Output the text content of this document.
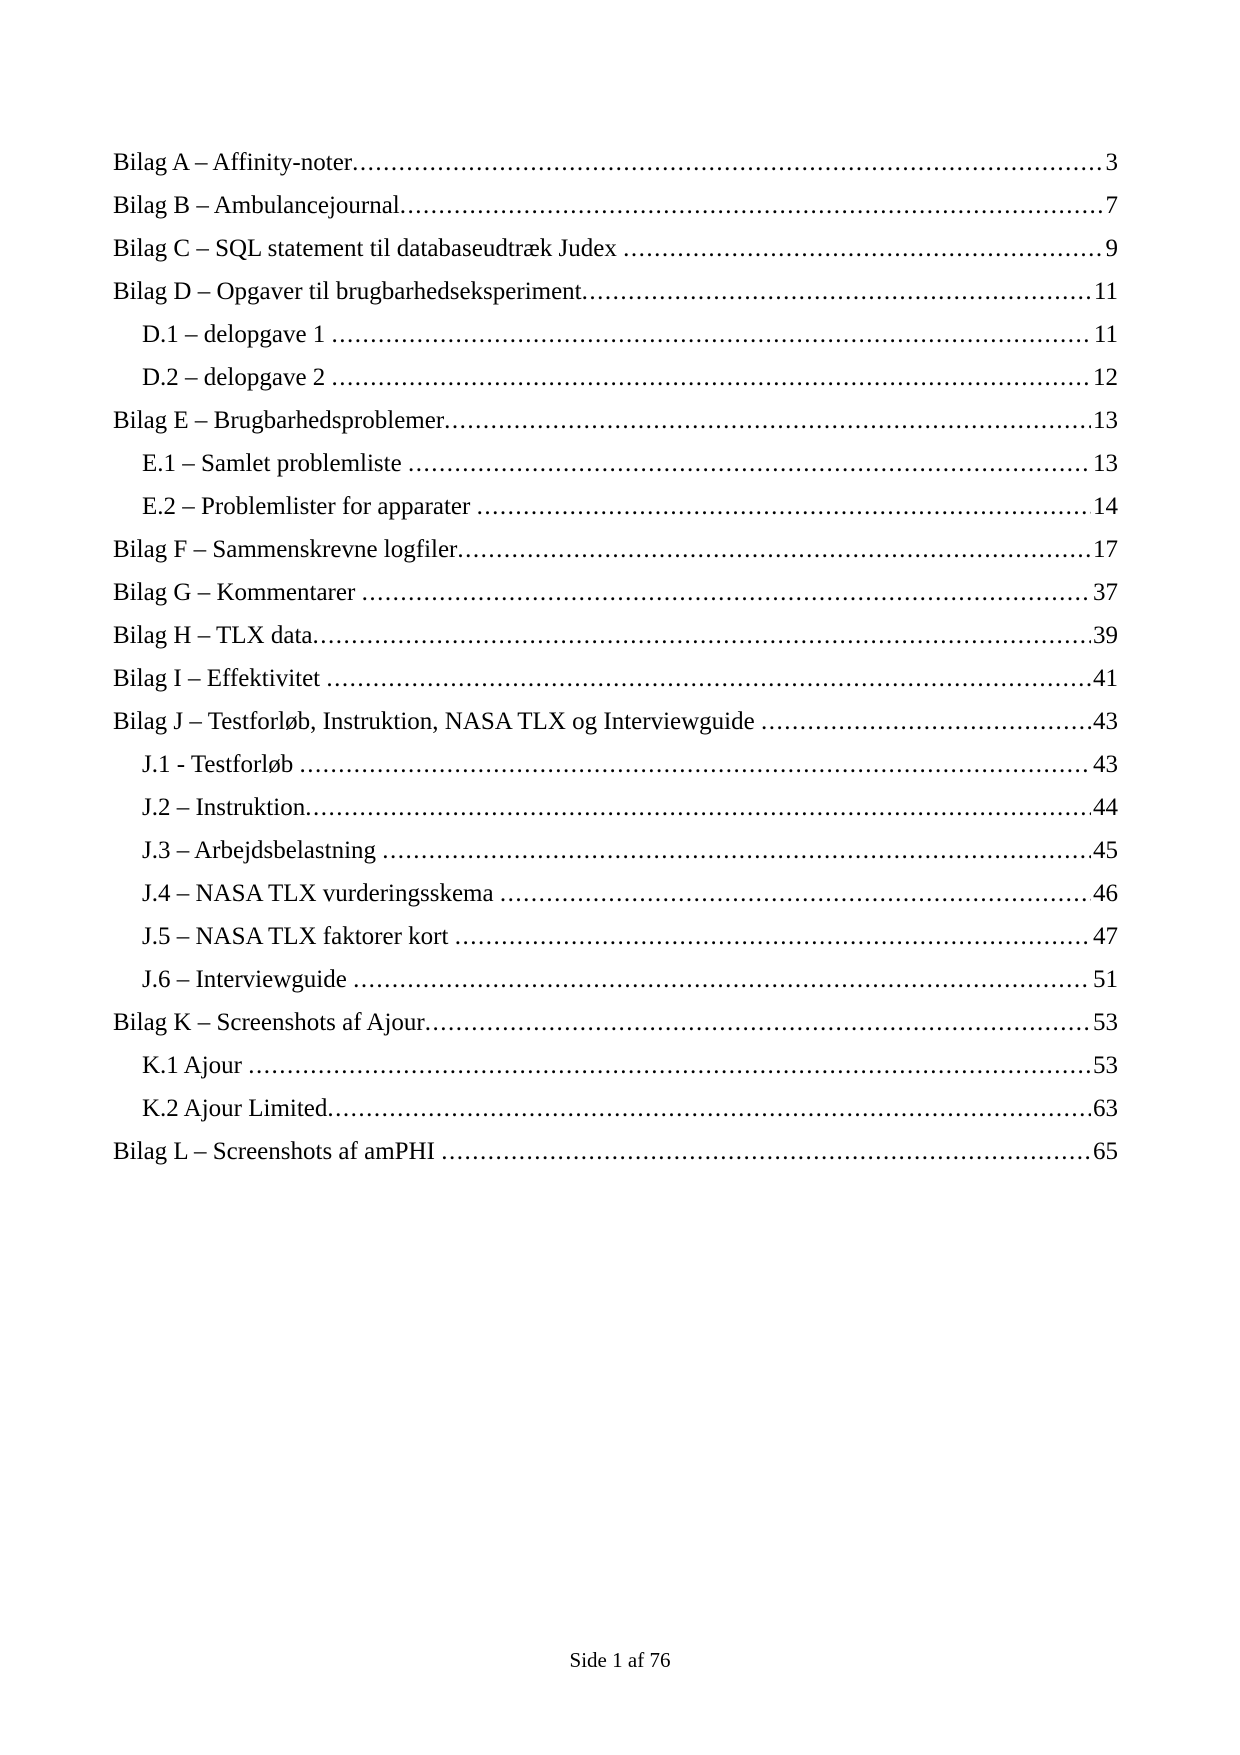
Bilag A – Affinity-noter .....	3
Bilag B – Ambulancejournal .....	7
Bilag C – SQL statement til databaseudtræk Judex .....	9
Bilag D – Opgaver til brugbarhedseksperiment .....	11
D.1 – delopgave 1 .....	11
D.2 – delopgave 2 .....	12
Bilag E – Brugbarhedsproblemer .....	13
E.1 – Samlet problemliste .....	13
E.2 – Problemlister for apparater .....	14
Bilag F – Sammenskrevne logfiler .....	17
Bilag G – Kommentarer .....	37
Bilag H – TLX data .....	39
Bilag I – Effektivitet .....	41
Bilag J – Testforløb, Instruktion, NASA TLX og Interviewguide .....	43
J.1 - Testforløb .....	43
J.2 – Instruktion .....	44
J.3 – Arbejdsbelastning .....	45
J.4 – NASA TLX vurderingsskema .....	46
J.5 – NASA TLX faktorer kort .....	47
J.6 – Interviewguide .....	51
Bilag K – Screenshots af Ajour .....	53
K.1 Ajour .....	53
K.2 Ajour Limited .....	63
Bilag L – Screenshots af amPHI .....	65
Side 1 af 76
